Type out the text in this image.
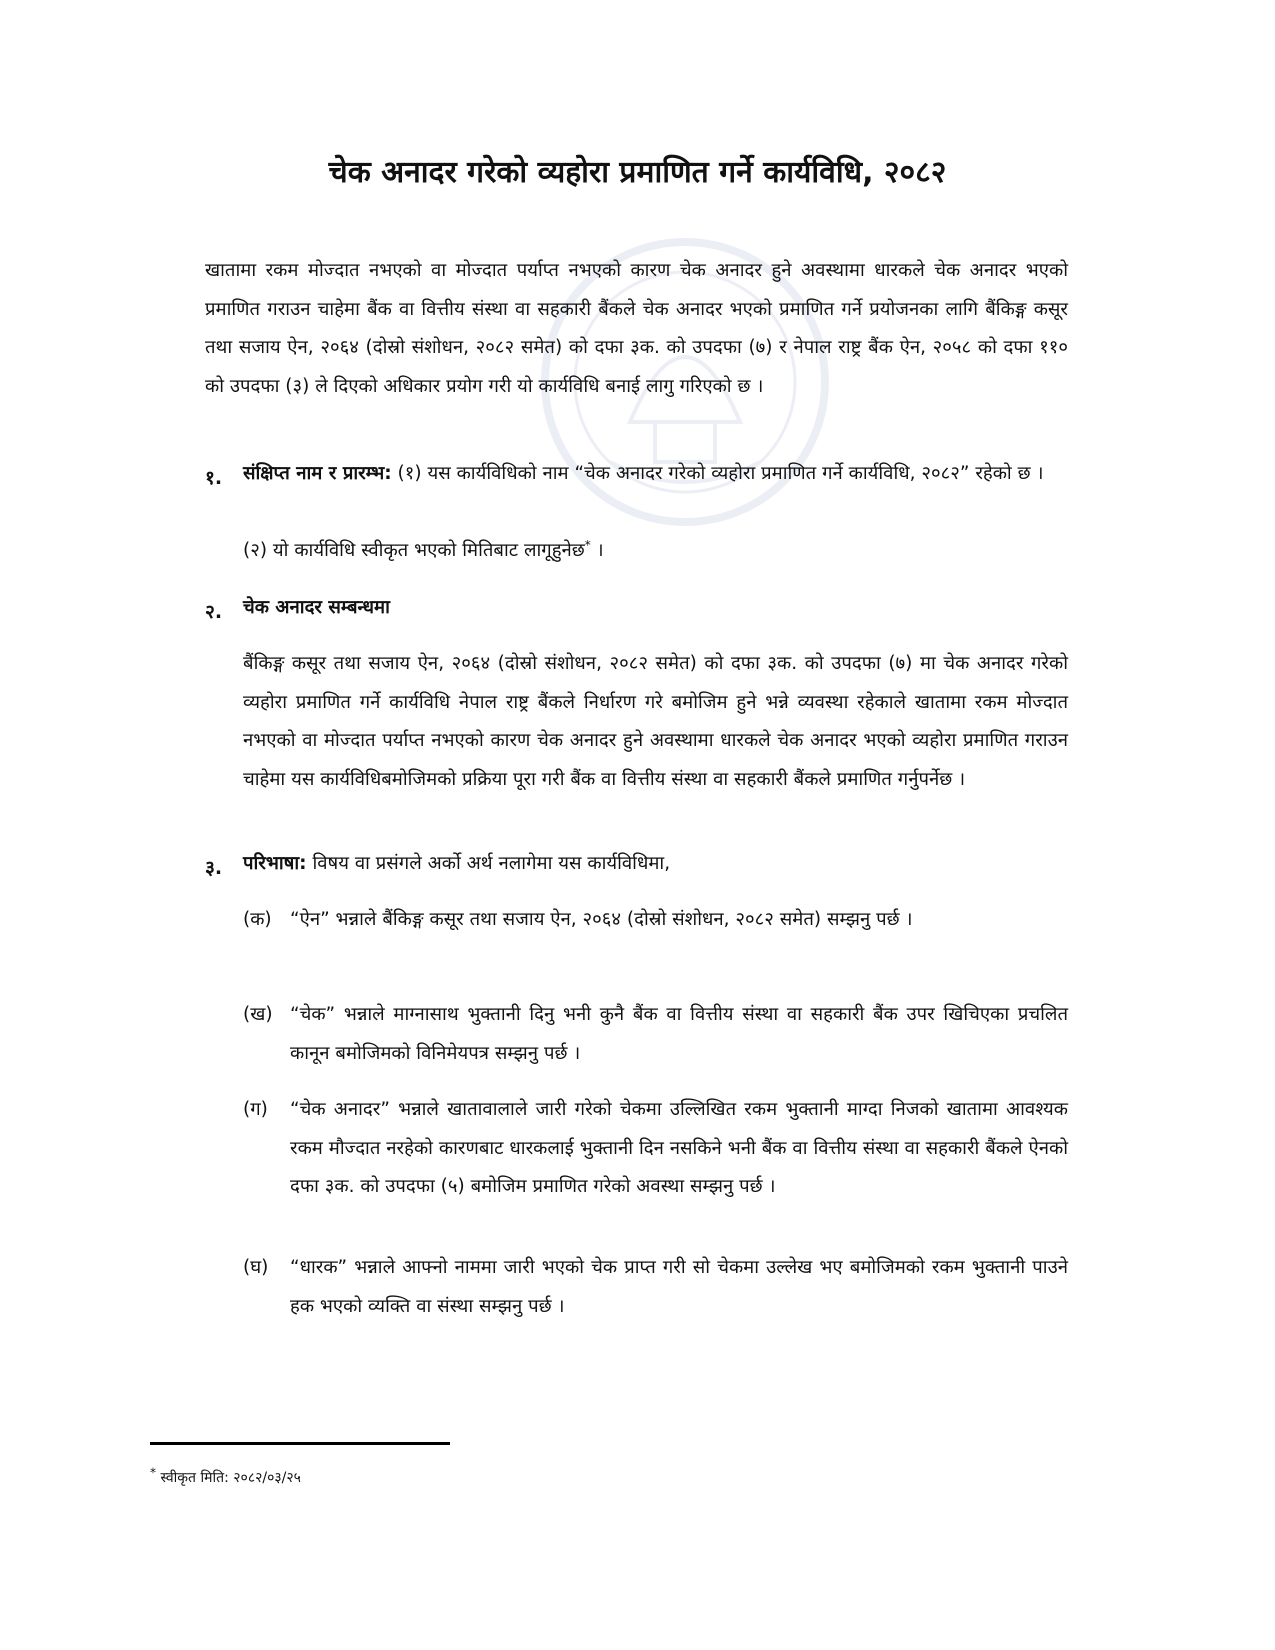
चेक अनादर गरेको व्यहोरा प्रमाणित गर्ने कार्यविधि, २०८२

खातामा रकम मोज्दात नभएको वा मोज्दात पर्याप्त नभएको कारण चेक अनादर हुने अवस्थामा धारकले चेक अनादर भएको प्रमाणित गराउन चाहेमा बैंक वा वित्तीय संस्था वा सहकारी बैंकले चेक अनादर भएको प्रमाणित गर्ने प्रयोजनका लागि बैंकिङ्ग कसूर तथा सजाय ऐन, २०६४ (दोस्रो संशोधन, २०८२ समेत) को दफा ३क. को उपदफा (७) र नेपाल राष्ट्र बैंक ऐन, २०५८ को दफा ११० को उपदफा (३) ले दिएको अधिकार प्रयोग गरी यो कार्यविधि बनाई लागु गरिएको छ ।

१. संक्षिप्त नाम र प्रारम्भ: (१) यस कार्यविधिको नाम “चेक अनादर गरेको व्यहोरा प्रमाणित गर्ने कार्यविधि, २०८२” रहेको छ ।

(२) यो कार्यविधि स्वीकृत भएको मितिबाट लागूहुनेछ* ।

२. चेक अनादर सम्बन्धमा

बैंकिङ्ग कसूर तथा सजाय ऐन, २०६४ (दोस्रो संशोधन, २०८२ समेत) को दफा ३क. को उपदफा (७) मा चेक अनादर गरेको व्यहोरा प्रमाणित गर्ने कार्यविधि नेपाल राष्ट्र बैंकले निर्धारण गरे बमोजिम हुने भन्ने व्यवस्था रहेकाले खातामा रकम मोज्दात नभएको वा मोज्दात पर्याप्त नभएको कारण चेक अनादर हुने अवस्थामा धारकले चेक अनादर भएको व्यहोरा प्रमाणित गराउन चाहेमा यस कार्यविधिबमोजिमको प्रक्रिया पूरा गरी बैंक वा वित्तीय संस्था वा सहकारी बैंकले प्रमाणित गर्नुपर्नेछ ।

३. परिभाषा: विषय वा प्रसंगले अर्को अर्थ नलागेमा यस कार्यविधिमा,

(क) “ऐन” भन्नाले बैंकिङ्ग कसूर तथा सजाय ऐन, २०६४ (दोस्रो संशोधन, २०८२ समेत) सम्झनु पर्छ ।

(ख) “चेक” भन्नाले माग्नासाथ भुक्तानी दिनु भनी कुनै बैंक वा वित्तीय संस्था वा सहकारी बैंक उपर खिचिएका प्रचलित कानून बमोजिमको विनिमेयपत्र सम्झनु पर्छ ।

(ग) “चेक अनादर” भन्नाले खातावालाले जारी गरेको चेकमा उल्लिखित रकम भुक्तानी माग्दा निजको खातामा आवश्यक रकम मौज्दात नरहेको कारणबाट धारकलाई भुक्तानी दिन नसकिने भनी बैंक वा वित्तीय संस्था वा सहकारी बैंकले ऐनको दफा ३क. को उपदफा (५) बमोजिम प्रमाणित गरेको अवस्था सम्झनु पर्छ ।

(घ) “धारक” भन्नाले आफ्नो नाममा जारी भएको चेक प्राप्त गरी सो चेकमा उल्लेख भए बमोजिमको रकम भुक्तानी पाउने हक भएको व्यक्ति वा संस्था सम्झनु पर्छ ।

* स्वीकृत मिति: २०८२/०३/२५
